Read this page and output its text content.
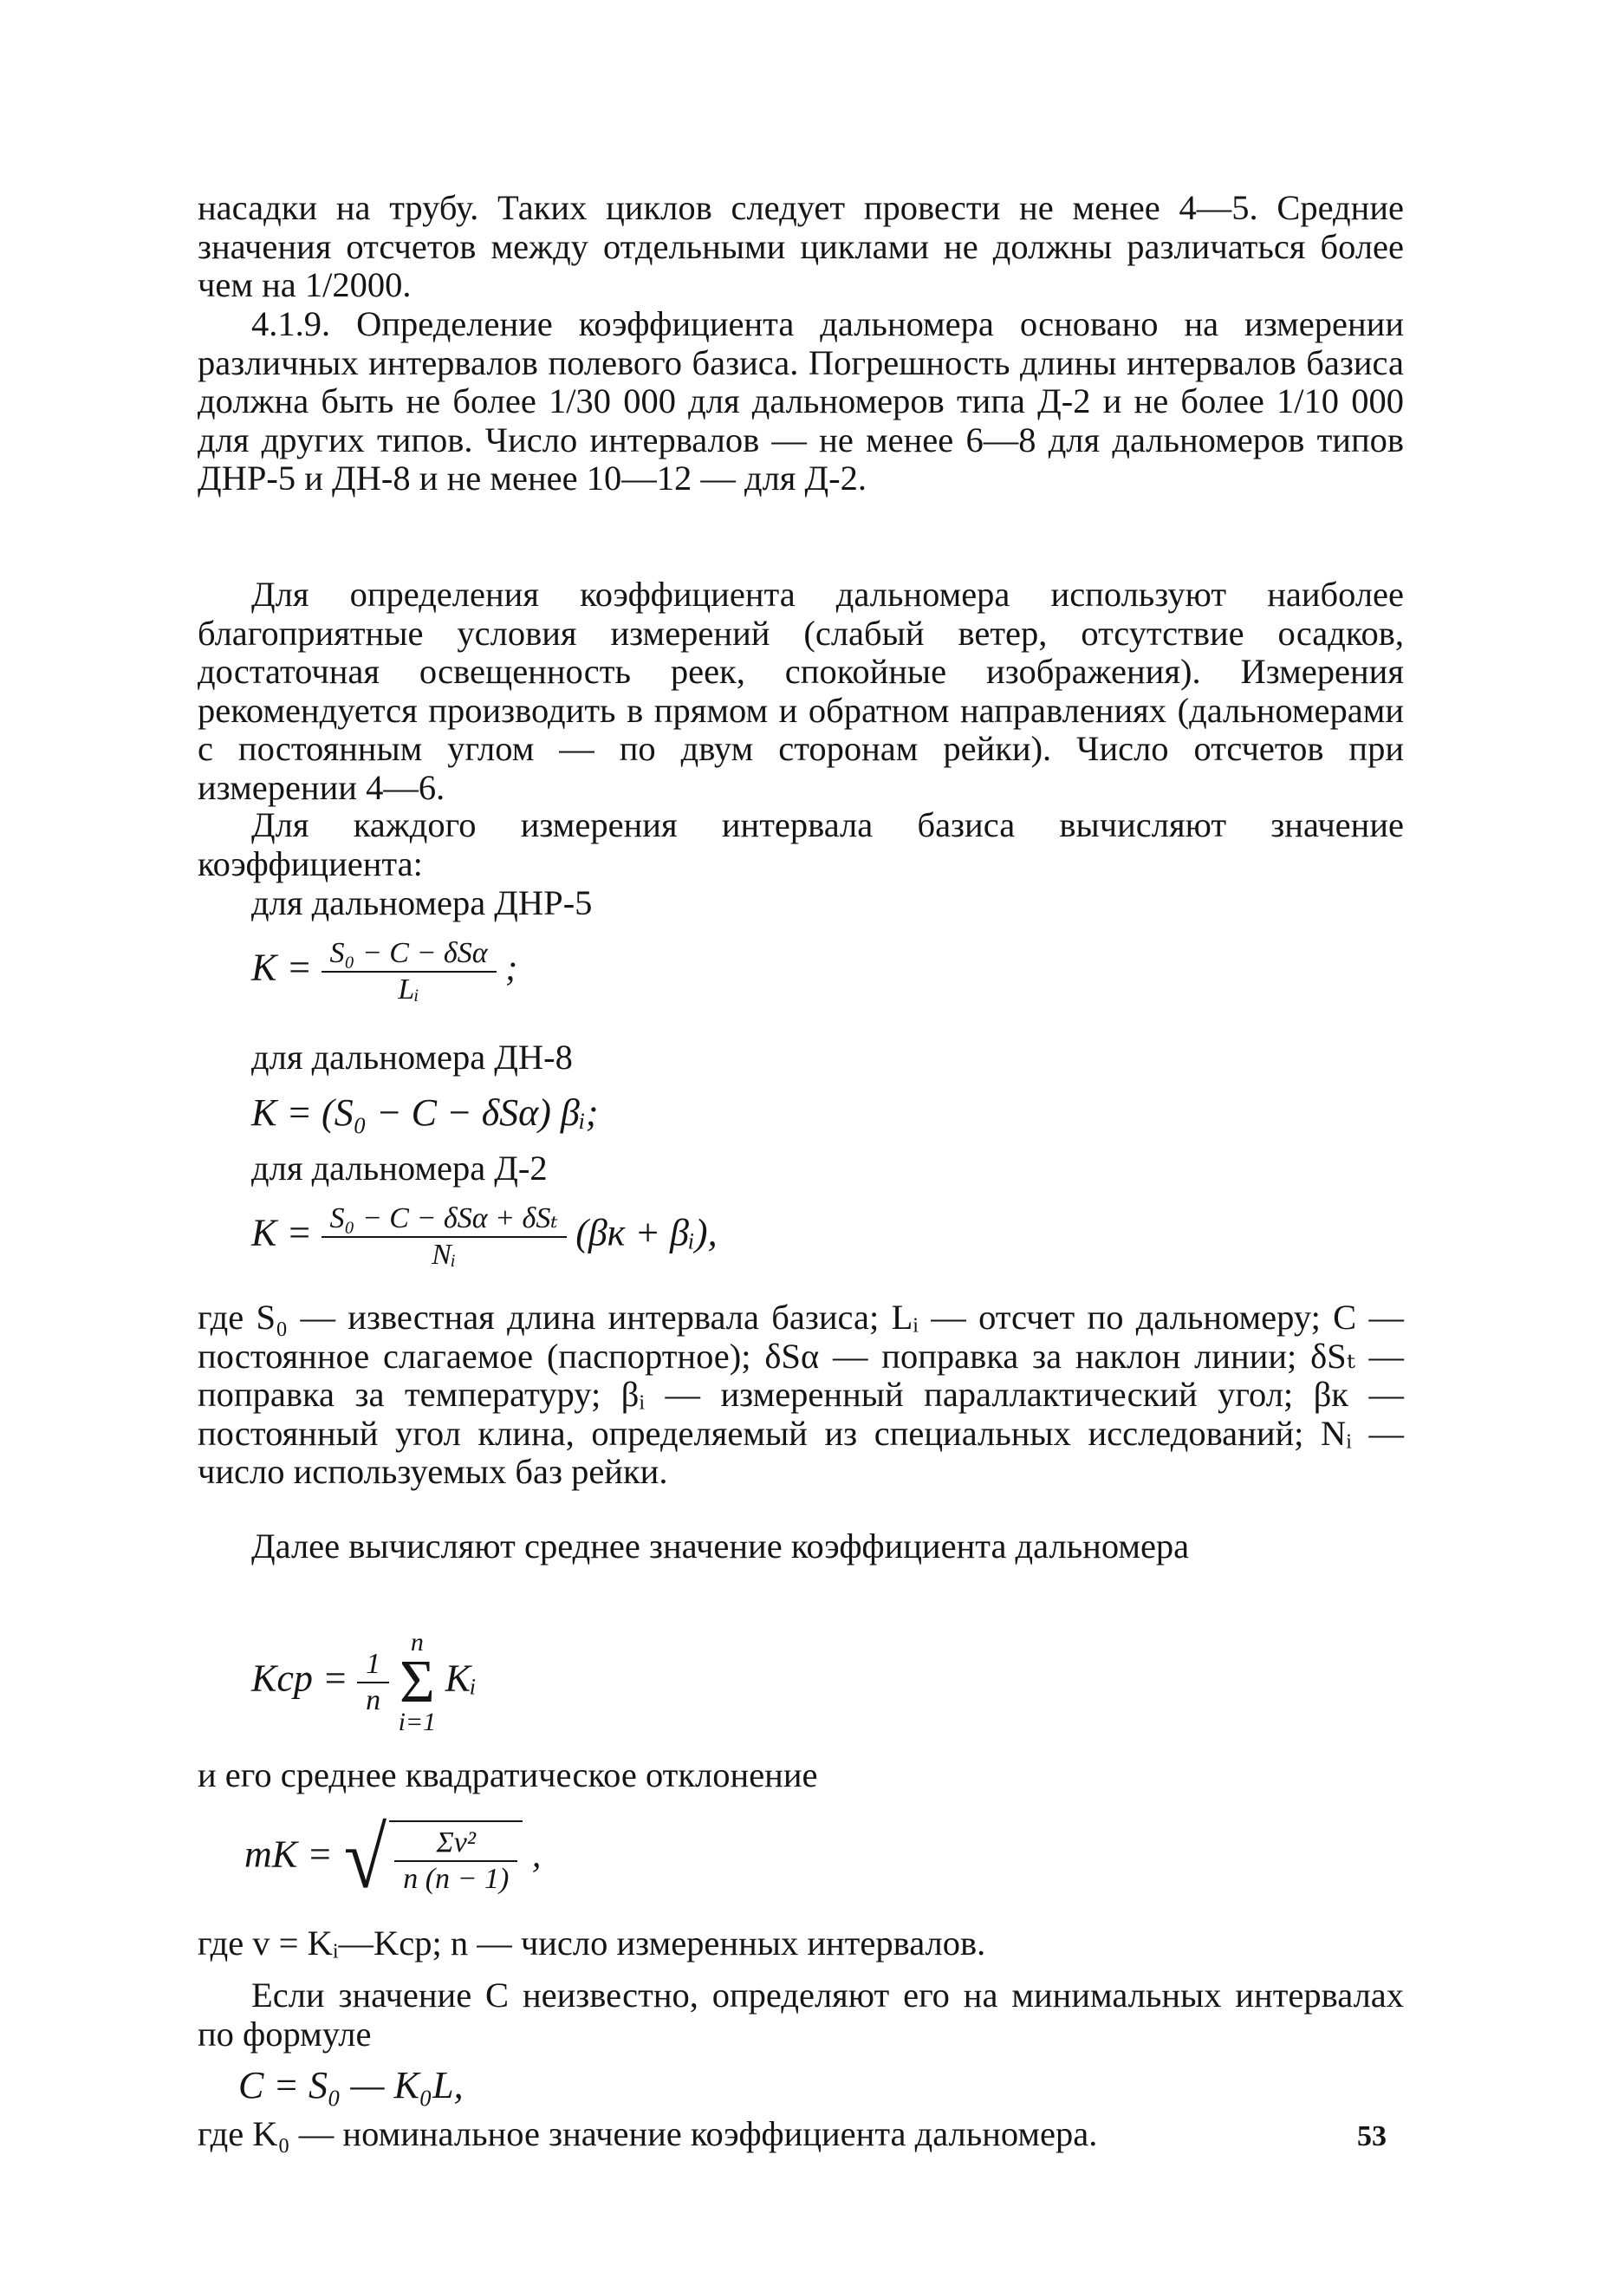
насадки на трубу. Таких циклов следует провести не менее 4—5. Средние значения отсчетов между отдельными циклами не должны различаться более чем на 1/2000.

4.1.9. Определение коэффициента дальномера основано на измерении различных интервалов полевого базиса. Погрешность длины интервалов базиса должна быть не более 1/30 000 для дальномеров типа Д-2 и не более 1/10 000 для других типов. Число интервалов — не менее 6—8 для дальномеров типов ДНР-5 и ДН-8 и не менее 10—12 — для Д-2.

Для определения коэффициента дальномера используют наиболее благоприятные условия измерений (слабый ветер, отсутствие осадков, достаточная освещенность реек, спокойные изображения). Измерения рекомендуется производить в прямом и обратном направлениях (дальномерами с постоянным углом — по двум сторонам рейки). Число отсчетов при измерении 4—6.

Для каждого измерения интервала базиса вычисляют значение коэффициента:

для дальномера ДНР-5

$K = \frac{\text{S₀ − C − δSα}}{\text{Lᵢ}}$ ;

для дальномера ДН-8

K = (S₀ − C − δSα) βᵢ;

для дальномера Д-2

$K = \frac{\text{S₀ − C − δSα + δSₜ}}{\text{Nᵢ}} (\beta к$ + βᵢ),

где S₀ — известная длина интервала базиса; Lᵢ — отсчет по дальномеру; C — постоянное слагаемое (паспортное); δSα — поправка за наклон линии; δSₜ — поправка за температуру; βᵢ — измеренный параллактический угол; βк — постоянный угол клина, определяемый из специальных исследований; Nᵢ — число используемых баз рейки.

Далее вычисляют среднее значение коэффициента дальномера

Kср = $\frac{1}{n}$

n
Σ
i=1
Kᵢ

и его среднее квадратическое отклонение

mK = √ $\frac{\text{Σv²}}{n (n - 1)}$ ,

где v = Kᵢ—Kср; n — число измеренных интервалов.

Если значение C неизвестно, определяют его на минимальных интервалах по формуле

C = S₀ — K₀L,

где K₀ — номинальное значение коэффициента дальномера.	53
